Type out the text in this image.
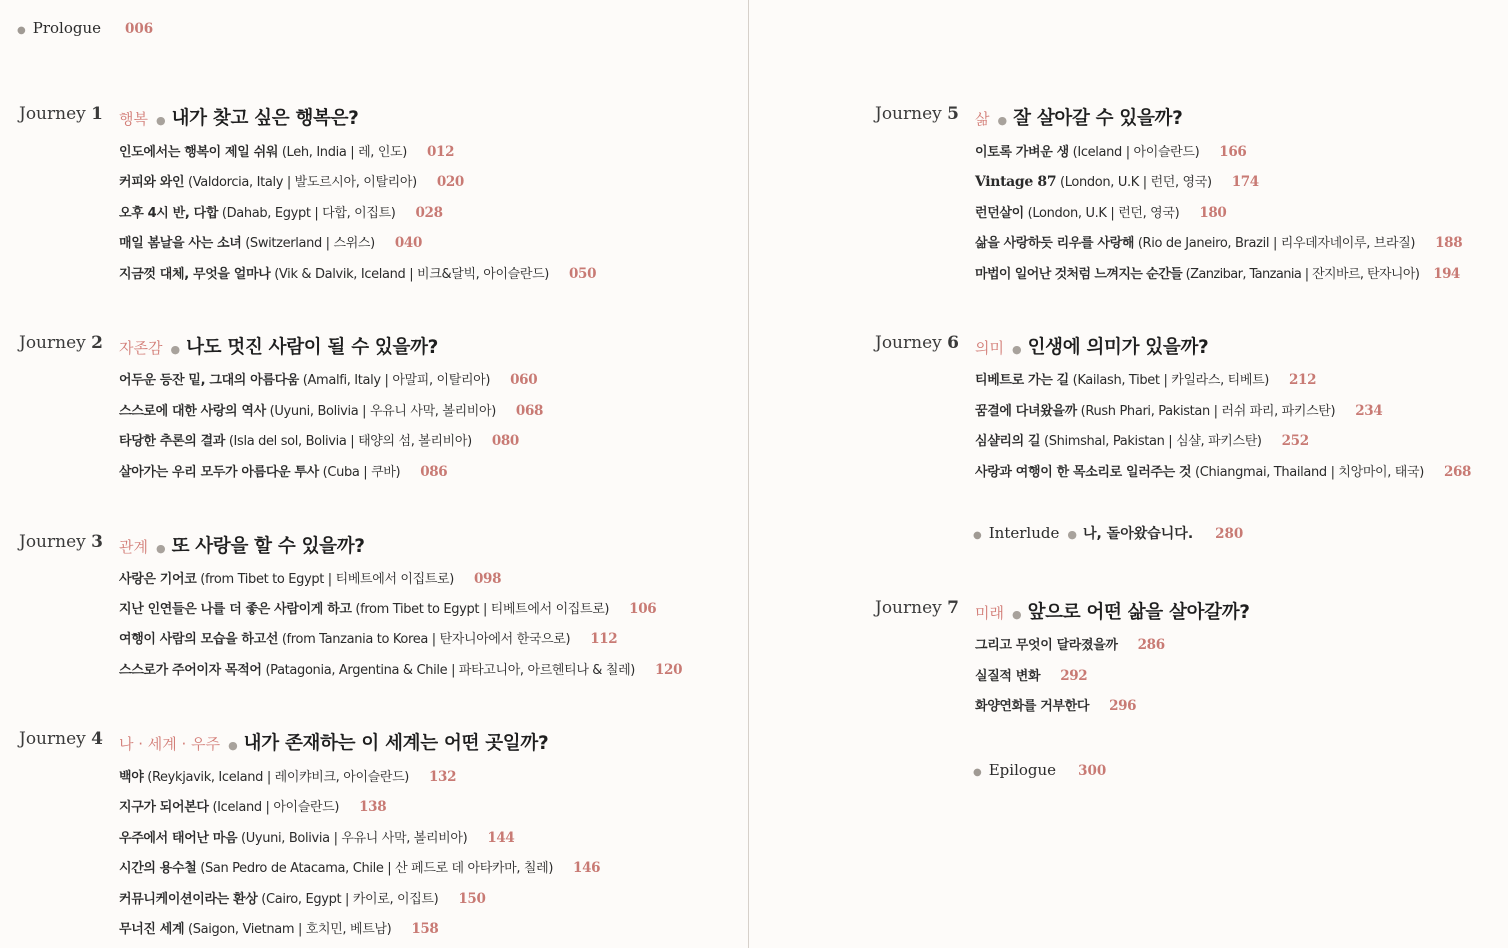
● Prologue 006
Journey 1 행복 ● 내가 찾고 싶은 행복은?
인도에서는 행복이 제일 쉬워 (Leh, India | 레, 인도) 012
커피와 와인 (Valdorcia, Italy | 발도르시아, 이탈리아) 020
오후 4시 반, 다합 (Dahab, Egypt | 다합, 이집트) 028
매일 봄날을 사는 소녀 (Switzerland | 스위스) 040
지금껏 대체, 무엇을 얼마나 (Vik & Dalvik, Iceland | 비크&달빅, 아이슬란드) 050
Journey 2 자존감 ● 나도 멋진 사람이 될 수 있을까?
어두운 등잔 밑, 그대의 아름다움 (Amalfi, Italy | 아말피, 이탈리아) 060
스스로에 대한 사랑의 역사 (Uyuni, Bolivia | 우유니 사막, 볼리비아) 068
타당한 추론의 결과 (Isla del sol, Bolivia | 태양의 섬, 볼리비아) 080
살아가는 우리 모두가 아름다운 투사 (Cuba | 쿠바) 086
Journey 3 관계 ● 또 사랑을 할 수 있을까?
사랑은 기어코 (from Tibet to Egypt | 티베트에서 이집트로) 098
지난 인연들은 나를 더 좋은 사람이게 하고 (from Tibet to Egypt | 티베트에서 이집트로) 106
여행이 사람의 모습을 하고선 (from Tanzania to Korea | 탄자니아에서 한국으로) 112
스스로가 주어이자 목적어 (Patagonia, Argentina & Chile | 파타고니아, 아르헨티나 & 칠레) 120
Journey 4 나 · 세계 · 우주 ● 내가 존재하는 이 세계는 어떤 곳일까?
백야 (Reykjavik, Iceland | 레이캬비크, 아이슬란드) 132
지구가 되어본다 (Iceland | 아이슬란드) 138
우주에서 태어난 마음 (Uyuni, Bolivia | 우유니 사막, 볼리비아) 144
시간의 용수철 (San Pedro de Atacama, Chile | 산 페드로 데 아타카마, 칠레) 146
커뮤니케이션이라는 환상 (Cairo, Egypt | 카이로, 이집트) 150
무너진 세계 (Saigon, Vietnam | 호치민, 베트남) 158
Journey 5 삶 ● 잘 살아갈 수 있을까?
이토록 가벼운 생 (Iceland | 아이슬란드) 166
Vintage 87 (London, U.K | 런던, 영국) 174
런던살이 (London, U.K | 런던, 영국) 180
삶을 사랑하듯 리우를 사랑해 (Rio de Janeiro, Brazil | 리우데자네이루, 브라질) 188
마법이 일어난 것처럼 느껴지는 순간들 (Zanzibar, Tanzania | 잔지바르, 탄자니아) 194
Journey 6 의미 ● 인생에 의미가 있을까?
티베트로 가는 길 (Kailash, Tibet | 카일라스, 티베트) 212
꿈결에 다녀왔을까 (Rush Phari, Pakistan | 러쉬 파리, 파키스탄) 234
심샬리의 길 (Shimshal, Pakistan | 심샬, 파키스탄) 252
사랑과 여행이 한 목소리로 일러주는 것 (Chiangmai, Thailand | 치앙마이, 태국) 268
● Interlude ● 나, 돌아왔습니다. 280
Journey 7 미래 ● 앞으로 어떤 삶을 살아갈까?
그리고 무엇이 달라졌을까 286
실질적 변화 292
화양연화를 거부한다 296
● Epilogue 300
